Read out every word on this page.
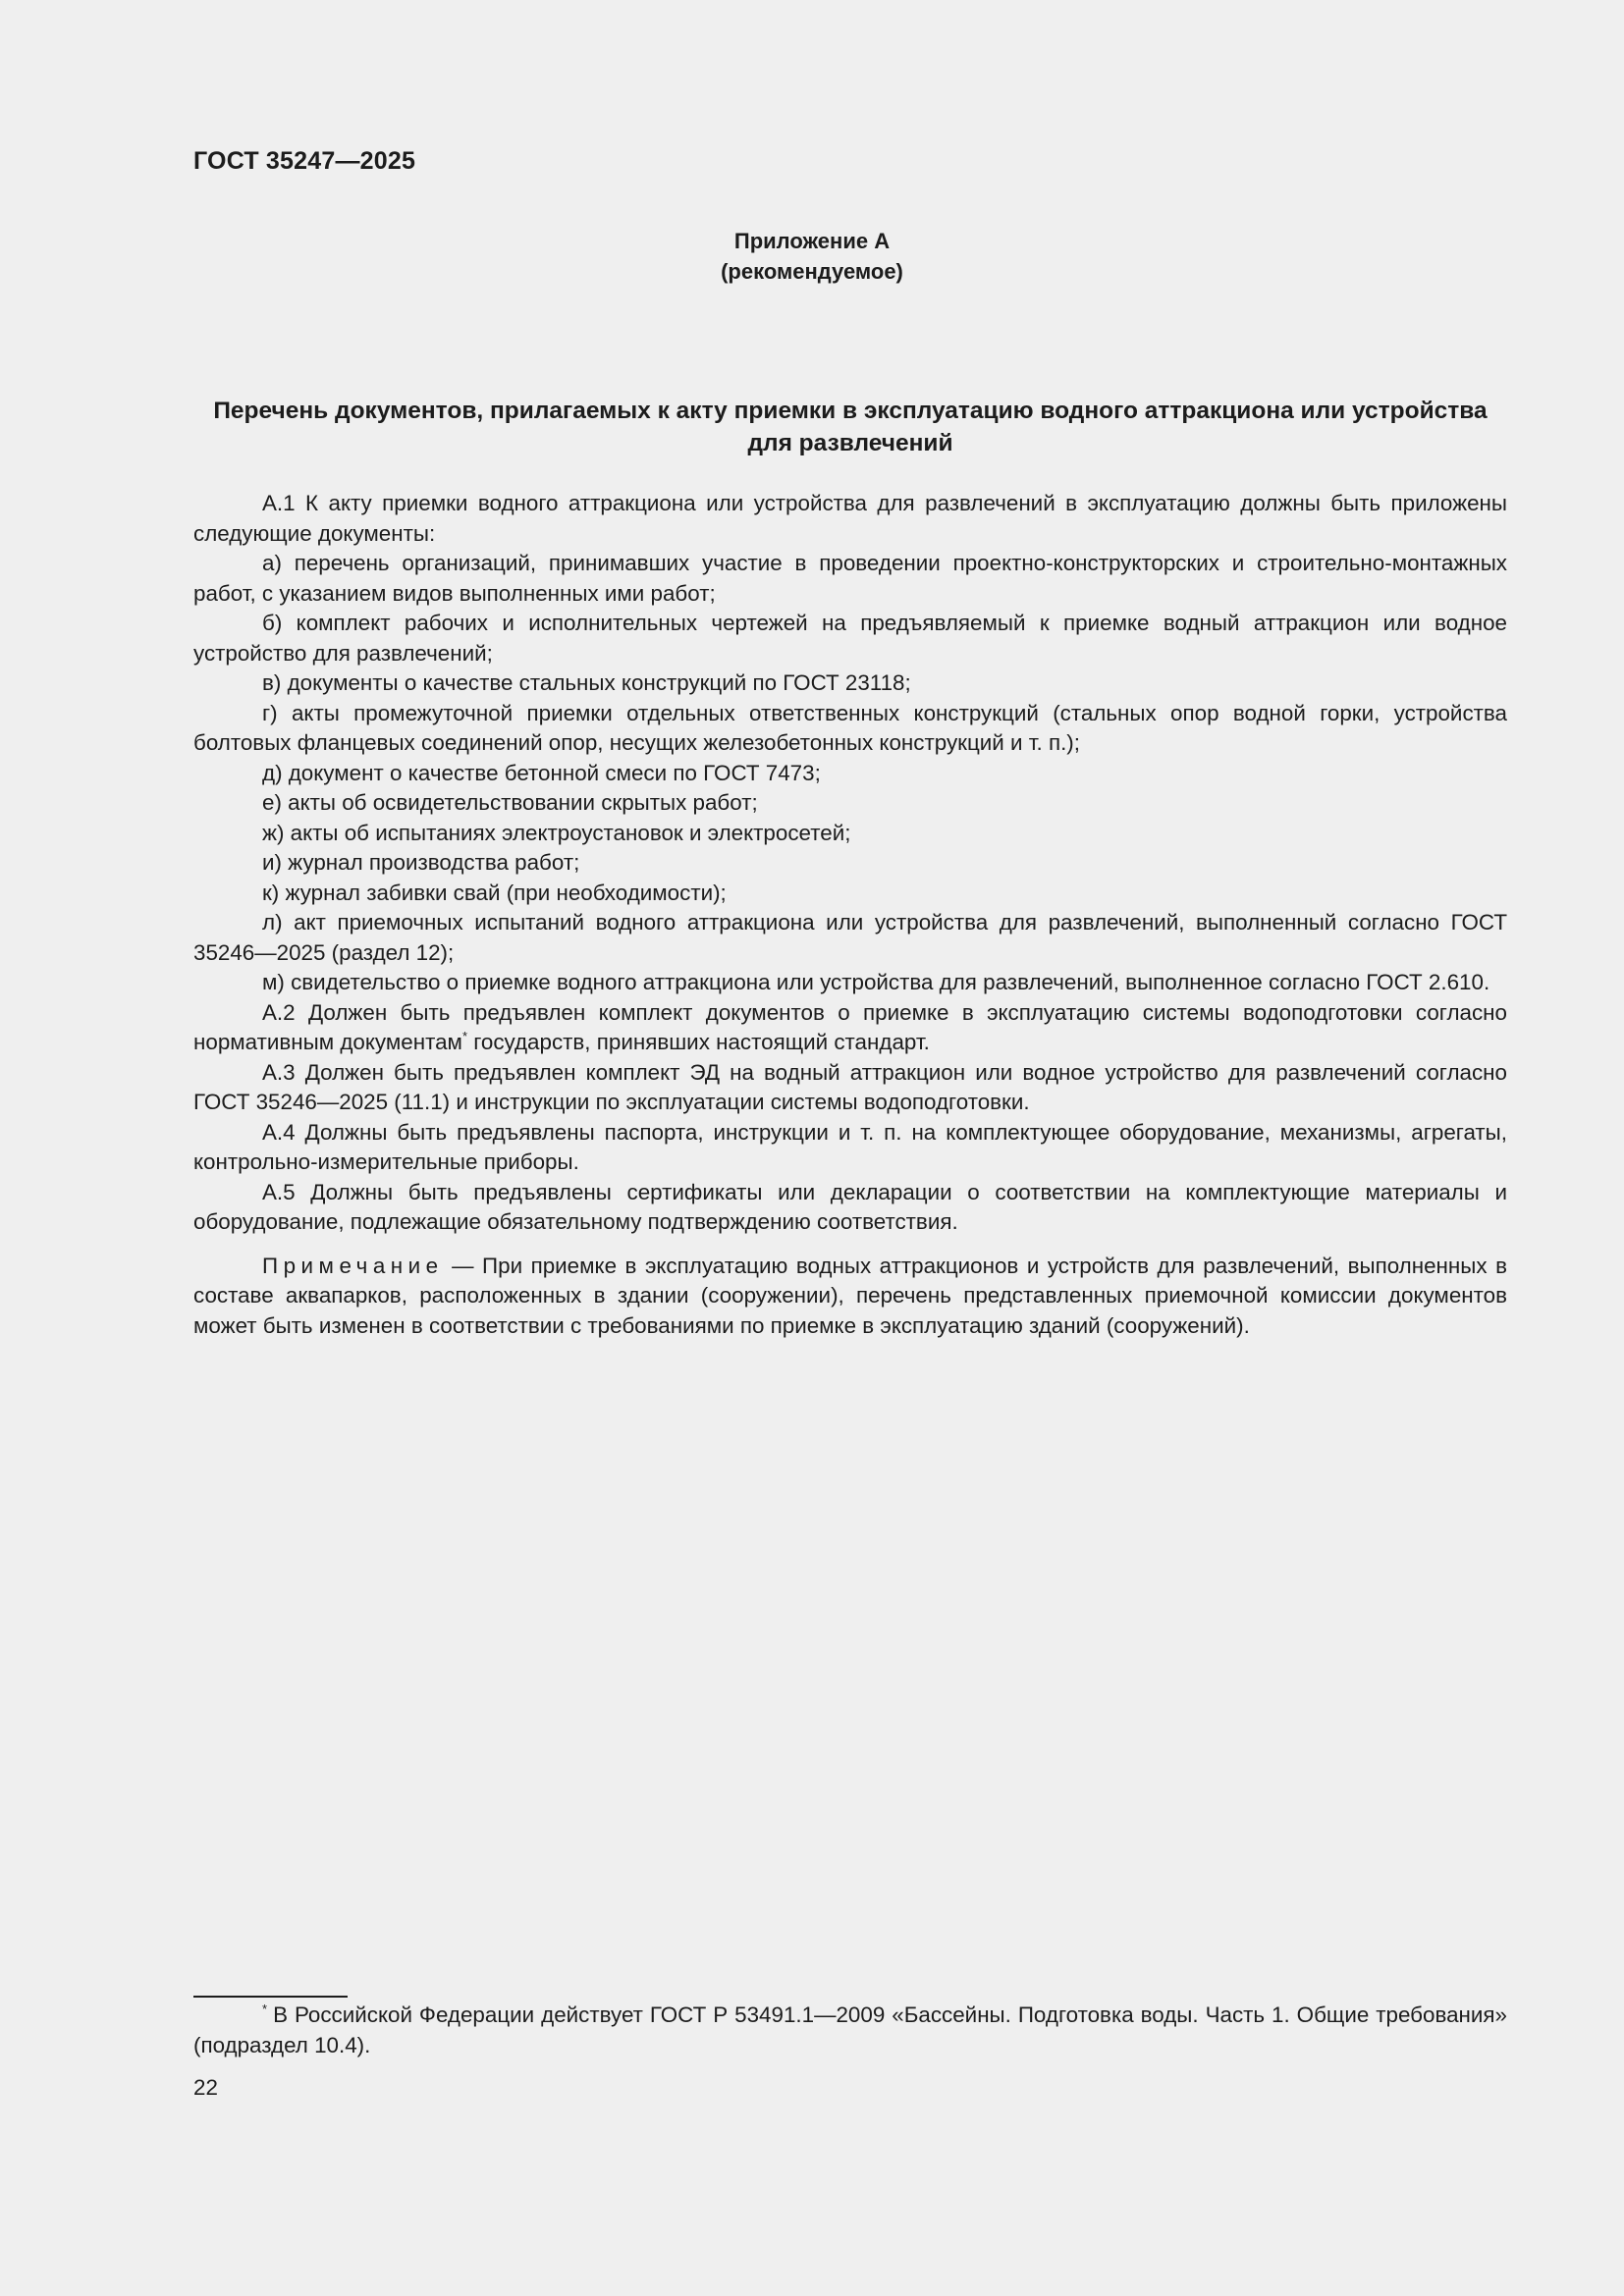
ГОСТ 35247—2025
Приложение А
(рекомендуемое)
Перечень документов, прилагаемых к акту приемки в эксплуатацию водного аттракциона или устройства для развлечений

А.1 К акту приемки водного аттракциона или устройства для развлечений в эксплуатацию должны быть приложены следующие документы:

а) перечень организаций, принимавших участие в проведении проектно-конструкторских и строительно-монтажных работ, с указанием видов выполненных ими работ;

б) комплект рабочих и исполнительных чертежей на предъявляемый к приемке водный аттракцион или водное устройство для развлечений;

в) документы о качестве стальных конструкций по ГОСТ 23118;

г) акты промежуточной приемки отдельных ответственных конструкций (стальных опор водной горки, устройства болтовых фланцевых соединений опор, несущих железобетонных конструкций и т. п.);

д) документ о качестве бетонной смеси по ГОСТ 7473;

е) акты об освидетельствовании скрытых работ;

ж) акты об испытаниях электроустановок и электросетей;

и) журнал производства работ;

к) журнал забивки свай (при необходимости);

л) акт приемочных испытаний водного аттракциона или устройства для развлечений, выполненный согласно ГОСТ 35246—2025 (раздел 12);

м) свидетельство о приемке водного аттракциона или устройства для развлечений, выполненное согласно ГОСТ 2.610.

А.2 Должен быть предъявлен комплект документов о приемке в эксплуатацию системы водоподготовки согласно нормативным документам* государств, принявших настоящий стандарт.

А.3 Должен быть предъявлен комплект ЭД на водный аттракцион или водное устройство для развлечений согласно ГОСТ 35246—2025 (11.1) и инструкции по эксплуатации системы водоподготовки.

А.4 Должны быть предъявлены паспорта, инструкции и т. п. на комплектующее оборудование, механизмы, агрегаты, контрольно-измерительные приборы.

А.5 Должны быть предъявлены сертификаты или декларации о соответствии на комплектующие материалы и оборудование, подлежащие обязательному подтверждению соответствия.

Примечание — При приемке в эксплуатацию водных аттракционов и устройств для развлечений, выполненных в составе аквапарков, расположенных в здании (сооружении), перечень представленных приемочной комиссии документов может быть изменен в соответствии с требованиями по приемке в эксплуатацию зданий (сооружений).

* В Российской Федерации действует ГОСТ Р 53491.1—2009 «Бассейны. Подготовка воды. Часть 1. Общие требования» (подраздел 10.4).

22
